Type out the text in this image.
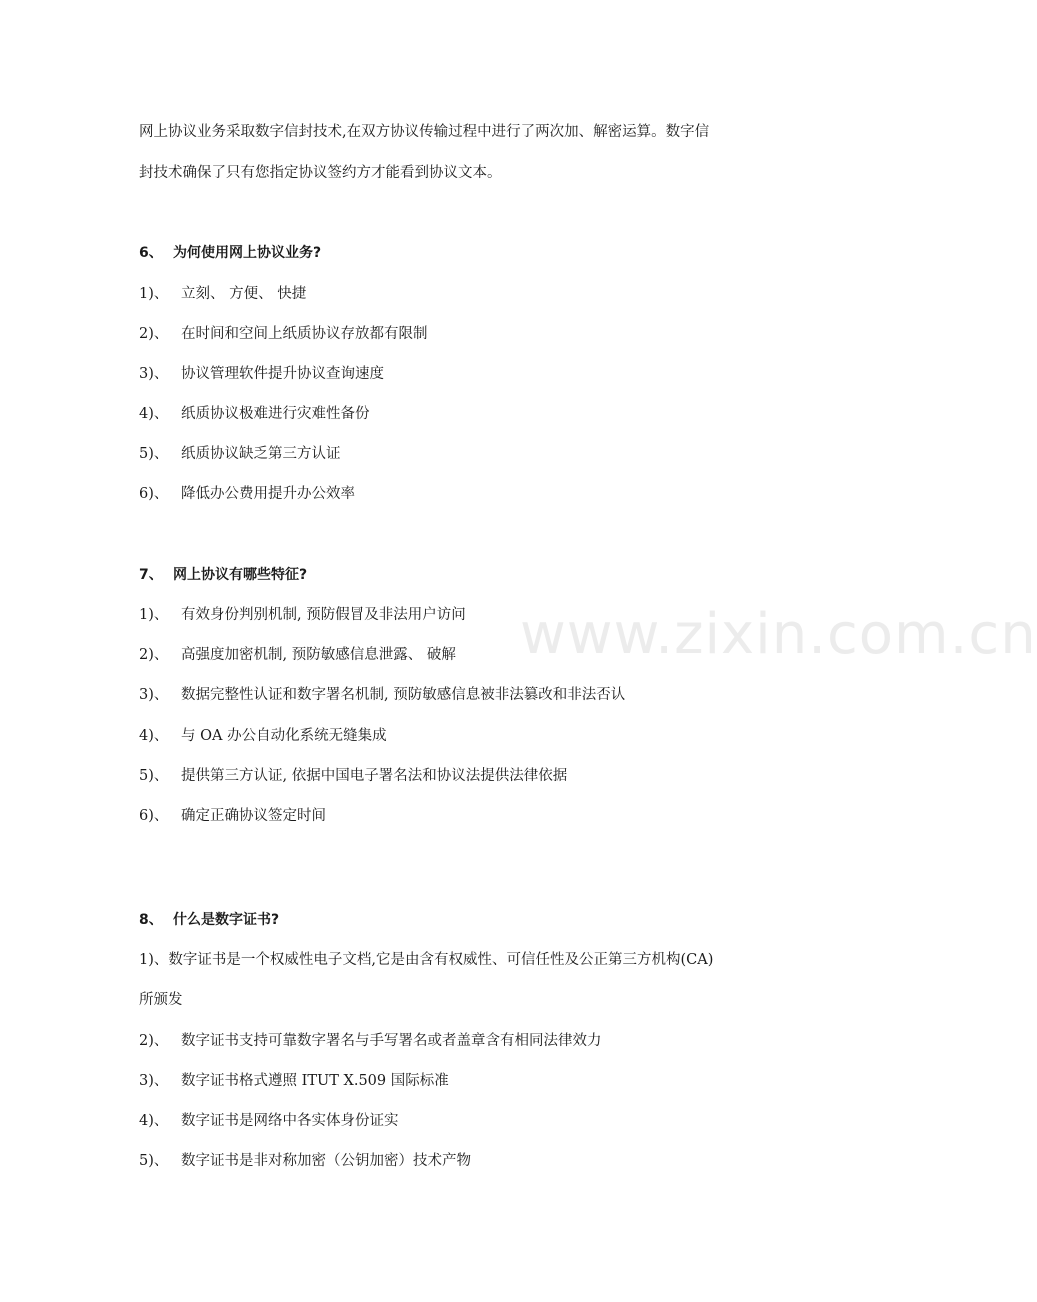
www.zixin.com.cn
网上协议业务采取数字信封技术,在双方协议传输过程中进行了两次加、解密运算。数字信
封技术确保了只有您指定协议签约方才能看到协议文本。
6、 为何使用网上协议业务?
1)、 立刻、 方便、 快捷
2)、 在时间和空间上纸质协议存放都有限制
3)、 协议管理软件提升协议查询速度
4)、 纸质协议极难进行灾难性备份
5)、 纸质协议缺乏第三方认证
6)、 降低办公费用提升办公效率
7、 网上协议有哪些特征?
1)、 有效身份判别机制, 预防假冒及非法用户访问
2)、 高强度加密机制, 预防敏感信息泄露、 破解
3)、 数据完整性认证和数字署名机制, 预防敏感信息被非法篡改和非法否认
4)、 与 OA 办公自动化系统无缝集成
5)、 提供第三方认证, 依据中国电子署名法和协议法提供法律依据
6)、 确定正确协议签定时间
8、 什么是数字证书?
1)、数字证书是一个权威性电子文档,它是由含有权威性、可信任性及公正第三方机构(CA)
所颁发
2)、 数字证书支持可靠数字署名与手写署名或者盖章含有相同法律效力
3)、 数字证书格式遵照 ITUT X.509 国际标准
4)、 数字证书是网络中各实体身份证实
5)、 数字证书是非对称加密（公钥加密）技术产物
